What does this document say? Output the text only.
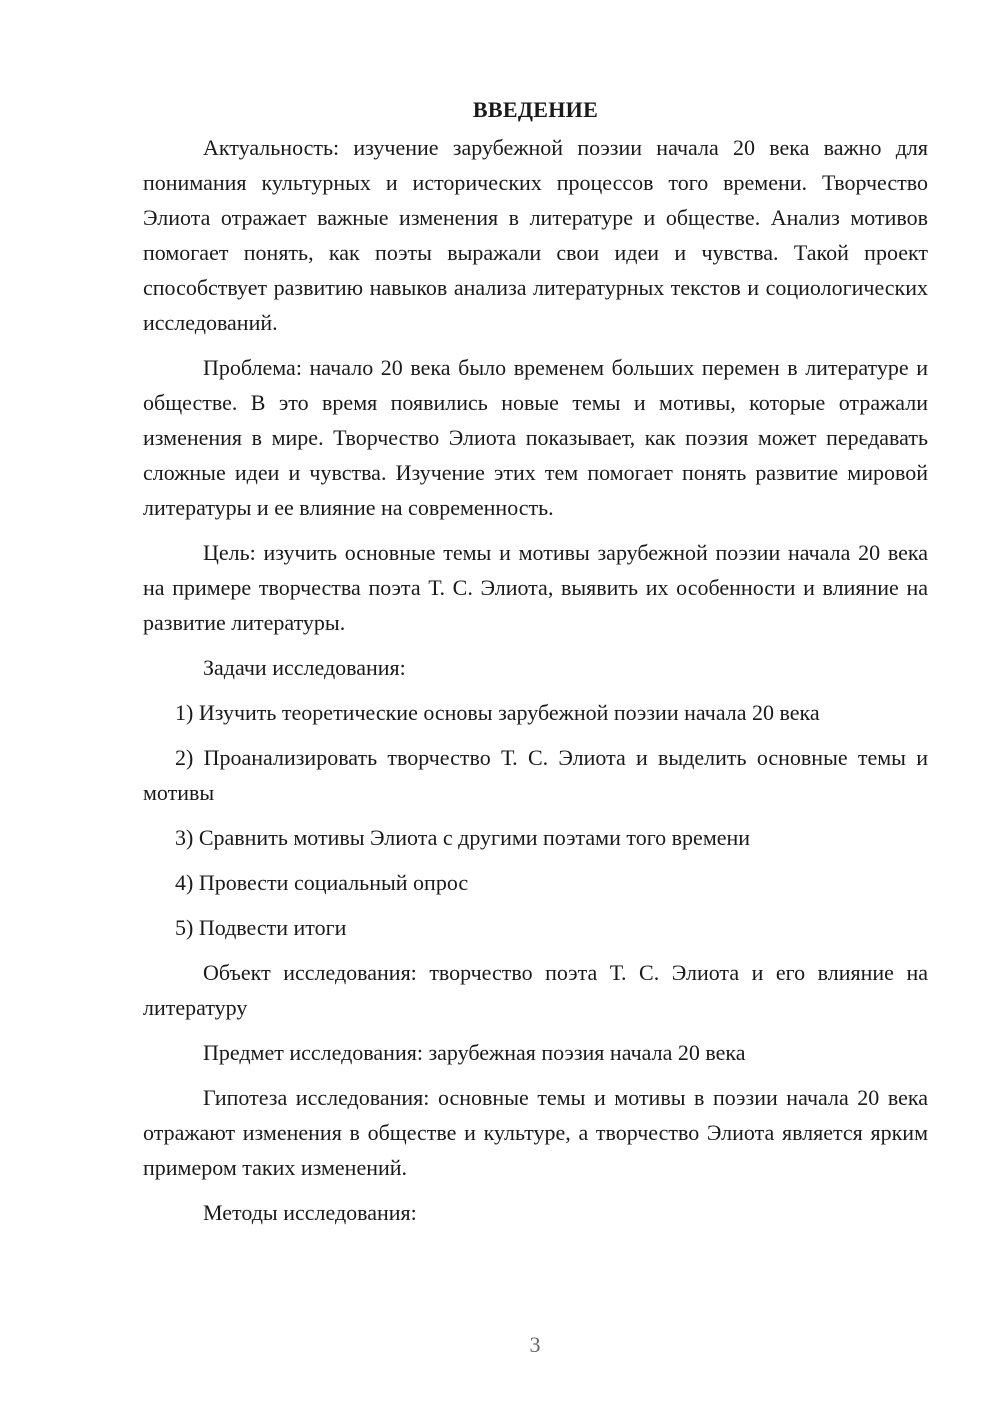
ВВЕДЕНИЕ

Актуальность: изучение зарубежной поэзии начала 20 века важно для понимания культурных и исторических процессов того времени. Творчество Элиота отражает важные изменения в литературе и обществе. Анализ мотивов помогает понять, как поэты выражали свои идеи и чувства. Такой проект способствует развитию навыков анализа литературных текстов и социологических исследований.

Проблема: начало 20 века было временем больших перемен в литературе и обществе. В это время появились новые темы и мотивы, которые отражали изменения в мире. Творчество Элиота показывает, как поэзия может передавать сложные идеи и чувства. Изучение этих тем помогает понять развитие мировой литературы и ее влияние на современность.

Цель: изучить основные темы и мотивы зарубежной поэзии начала 20 века на примере творчества поэта Т. С. Элиота, выявить их особенности и влияние на развитие литературы.

Задачи исследования:

1) Изучить теоретические основы зарубежной поэзии начала 20 века

2) Проанализировать творчество Т. С. Элиота и выделить основные темы и мотивы

3) Сравнить мотивы Элиота с другими поэтами того времени

4) Провести социальный опрос

5) Подвести итоги

Объект исследования: творчество поэта Т. С. Элиота и его влияние на литературу

Предмет исследования: зарубежная поэзия начала 20 века

Гипотеза исследования: основные темы и мотивы в поэзии начала 20 века отражают изменения в обществе и культуре, а творчество Элиота является ярким примером таких изменений.

Методы исследования:

3
